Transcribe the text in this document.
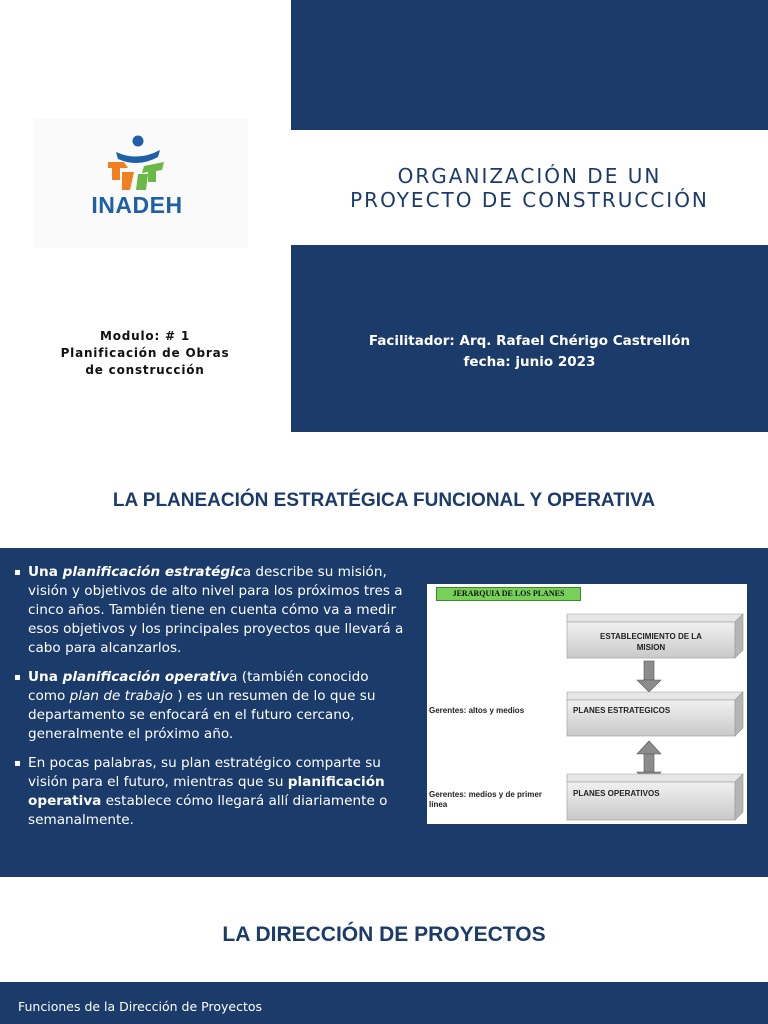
INADEH
Modulo: # 1
Planificación de Obras
de construcción
ORGANIZACIÓN DE UN
PROYECTO DE CONSTRUCCIÓN
Facilitador: Arq. Rafael Chérigo Castrellón
fecha: junio 2023
LA PLANEACIÓN ESTRATÉGICA FUNCIONAL Y OPERATIVA
▪ Una planificación estratégica describe su misión, visión y objetivos de alto nivel para los próximos tres a cinco años. También tiene en cuenta cómo va a medir esos objetivos y los principales proyectos que llevará a cabo para alcanzarlos.
▪ Una planificación operativa (también conocido como plan de trabajo ) es un resumen de lo que su departamento se enfocará en el futuro cercano, generalmente el próximo año.
▪ En pocas palabras, su plan estratégico comparte su visión para el futuro, mientras que su planificación operativa establece cómo llegará allí diariamente o semanalmente.
JERARQUIA DE LOS PLANES
ESTABLECIMIENTO DE LA
MISION
PLANES ESTRATEGICOS
PLANES OPERATIVOS
Gerentes: altos y medios
Gerentes: medios y de primer
línea
LA DIRECCIÓN DE PROYECTOS
Funciones de la Dirección de Proyectos
